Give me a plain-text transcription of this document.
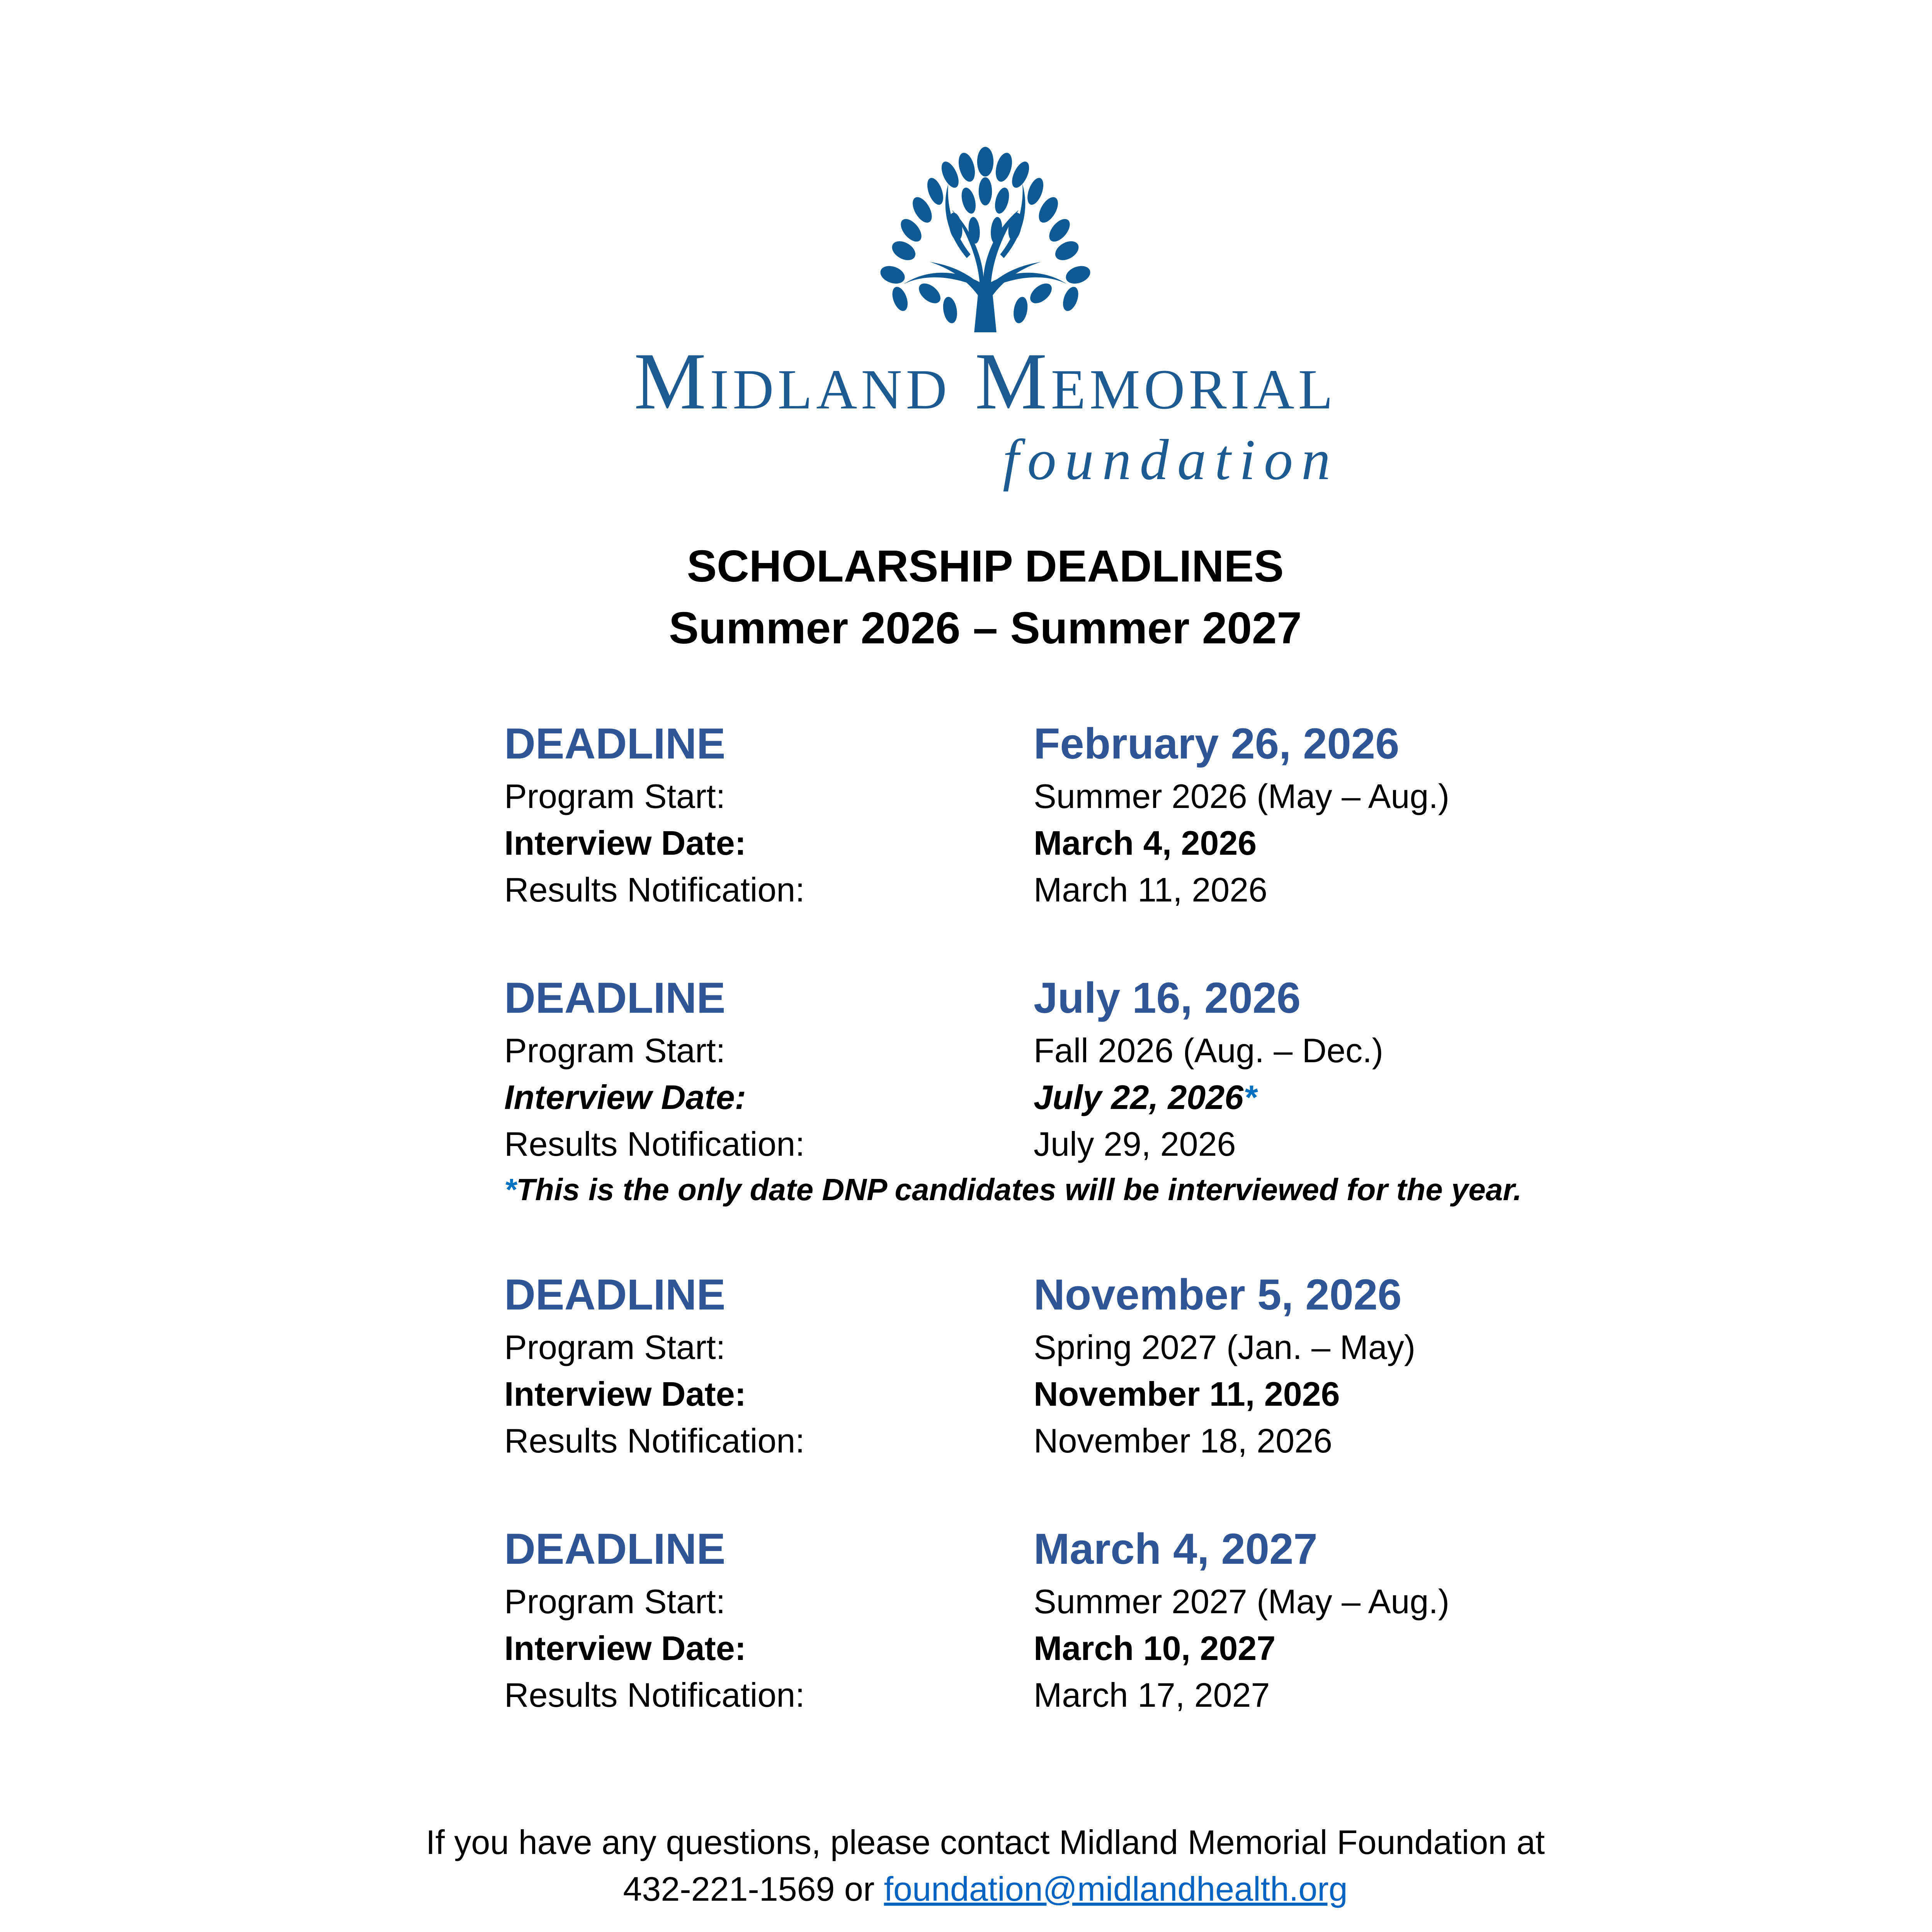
Midland Memorial
foundation
SCHOLARSHIP DEADLINES
Summer 2026 – Summer 2027
DEADLINE	February 26, 2026
Program Start:	Summer 2026 (May – Aug.)
Interview Date:	March 4, 2026
Results Notification:	March 11, 2026
DEADLINE	July 16, 2026
Program Start:	Fall 2026 (Aug. – Dec.)
Interview Date:	July 22, 2026*
Results Notification:	July 29, 2026
*This is the only date DNP candidates will be interviewed for the year.
DEADLINE	November 5, 2026
Program Start:	Spring 2027 (Jan. – May)
Interview Date:	November 11, 2026
Results Notification:	November 18, 2026
DEADLINE	March 4, 2027
Program Start:	Summer 2027 (May – Aug.)
Interview Date:	March 10, 2027
Results Notification:	March 17, 2027
If you have any questions, please contact Midland Memorial Foundation at
432-221-1569 or foundation@midlandhealth.org
